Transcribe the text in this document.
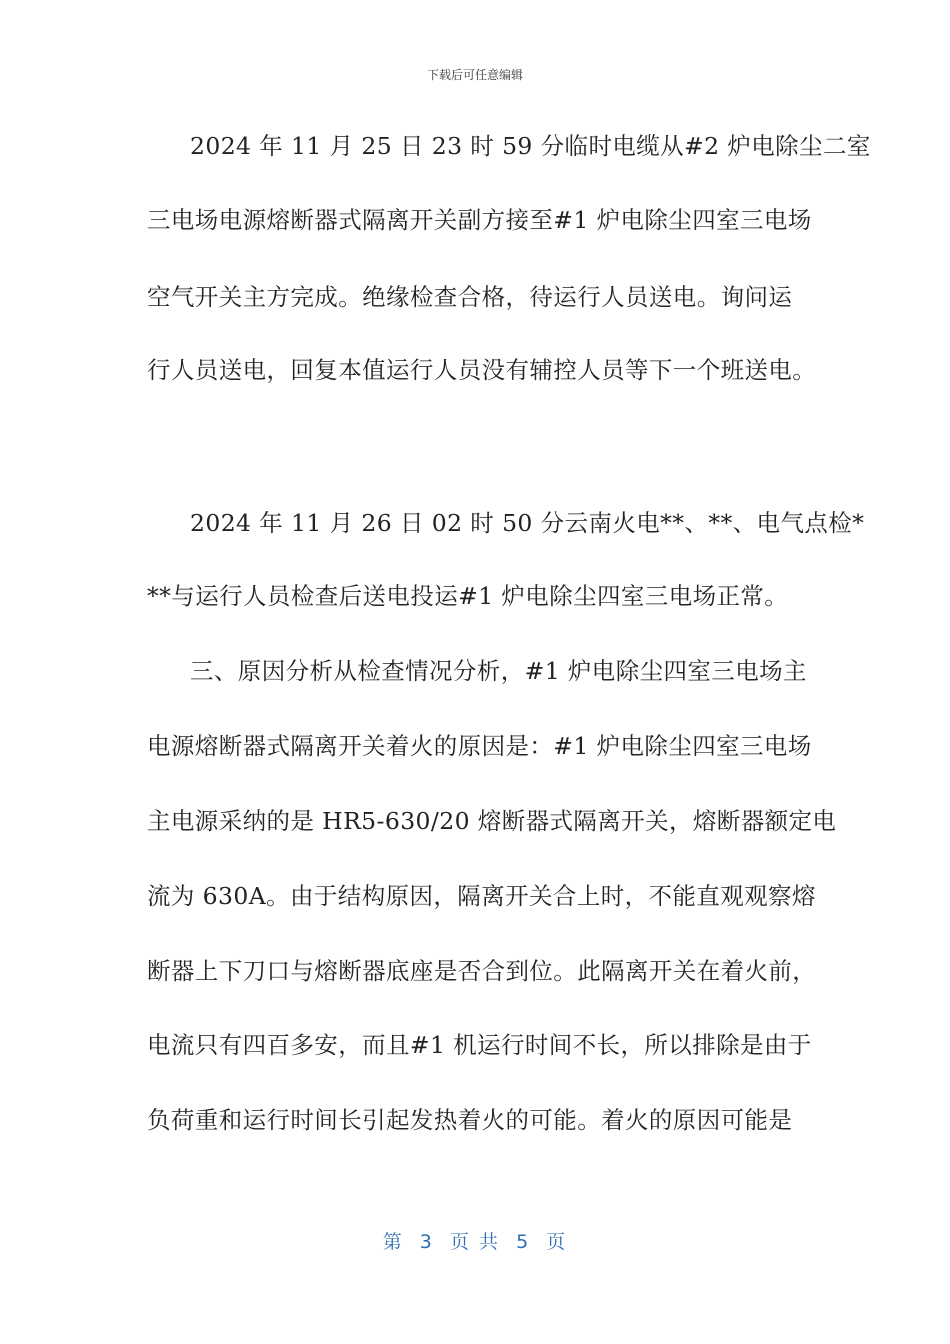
下载后可任意编辑
2024 年 11 月 25 日 23 时 59 分临时电缆从#2 炉电除尘二室
三电场电源熔断器式隔离开关副方接至#1 炉电除尘四室三电场
空气开关主方完成。绝缘检查合格，待运行人员送电。询问运
行人员送电，回复本值运行人员没有辅控人员等下一个班送电。
2024 年 11 月 26 日 02 时 50 分云南火电**、**、电气点检*
**与运行人员检查后送电投运#1 炉电除尘四室三电场正常。
三、原因分析从检查情况分析，#1 炉电除尘四室三电场主
电源熔断器式隔离开关着火的原因是：#1 炉电除尘四室三电场
主电源采纳的是 HR5-630/20 熔断器式隔离开关，熔断器额定电
流为 630A。由于结构原因，隔离开关合上时，不能直观观察熔
断器上下刀口与熔断器底座是否合到位。此隔离开关在着火前，
电流只有四百多安，而且#1 机运行时间不长，所以排除是由于
负荷重和运行时间长引起发热着火的可能。着火的原因可能是
第  3  页 共  5  页
